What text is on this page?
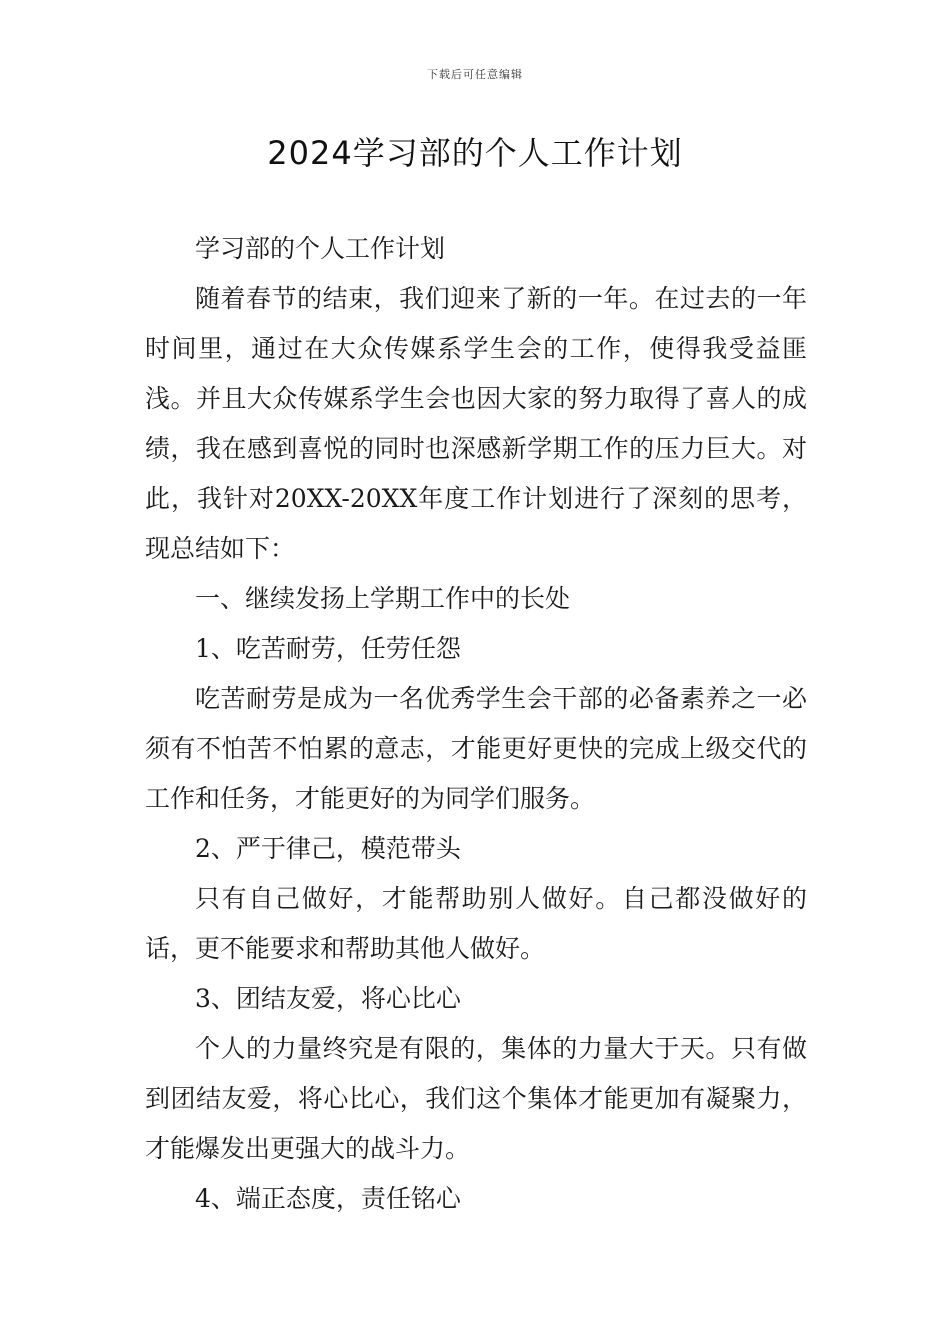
下载后可任意编辑
2024学习部的个人工作计划

学习部的个人工作计划

随着春节的结束，我们迎来了新的一年。在过去的一年时间里，通过在大众传媒系学生会的工作，使得我受益匪浅。并且大众传媒系学生会也因大家的努力取得了喜人的成绩，我在感到喜悦的同时也深感新学期工作的压力巨大。对此，我针对20XX-20XX年度工作计划进行了深刻的思考，现总结如下：

一、继续发扬上学期工作中的长处

1、吃苦耐劳，任劳任怨

吃苦耐劳是成为一名优秀学生会干部的必备素养之一必须有不怕苦不怕累的意志，才能更好更快的完成上级交代的工作和任务，才能更好的为同学们服务。

2、严于律己，模范带头

只有自己做好，才能帮助别人做好。自己都没做好的话，更不能要求和帮助其他人做好。

3、团结友爱，将心比心

个人的力量终究是有限的，集体的力量大于天。只有做到团结友爱，将心比心，我们这个集体才能更加有凝聚力，才能爆发出更强大的战斗力。

4、端正态度，责任铭心
